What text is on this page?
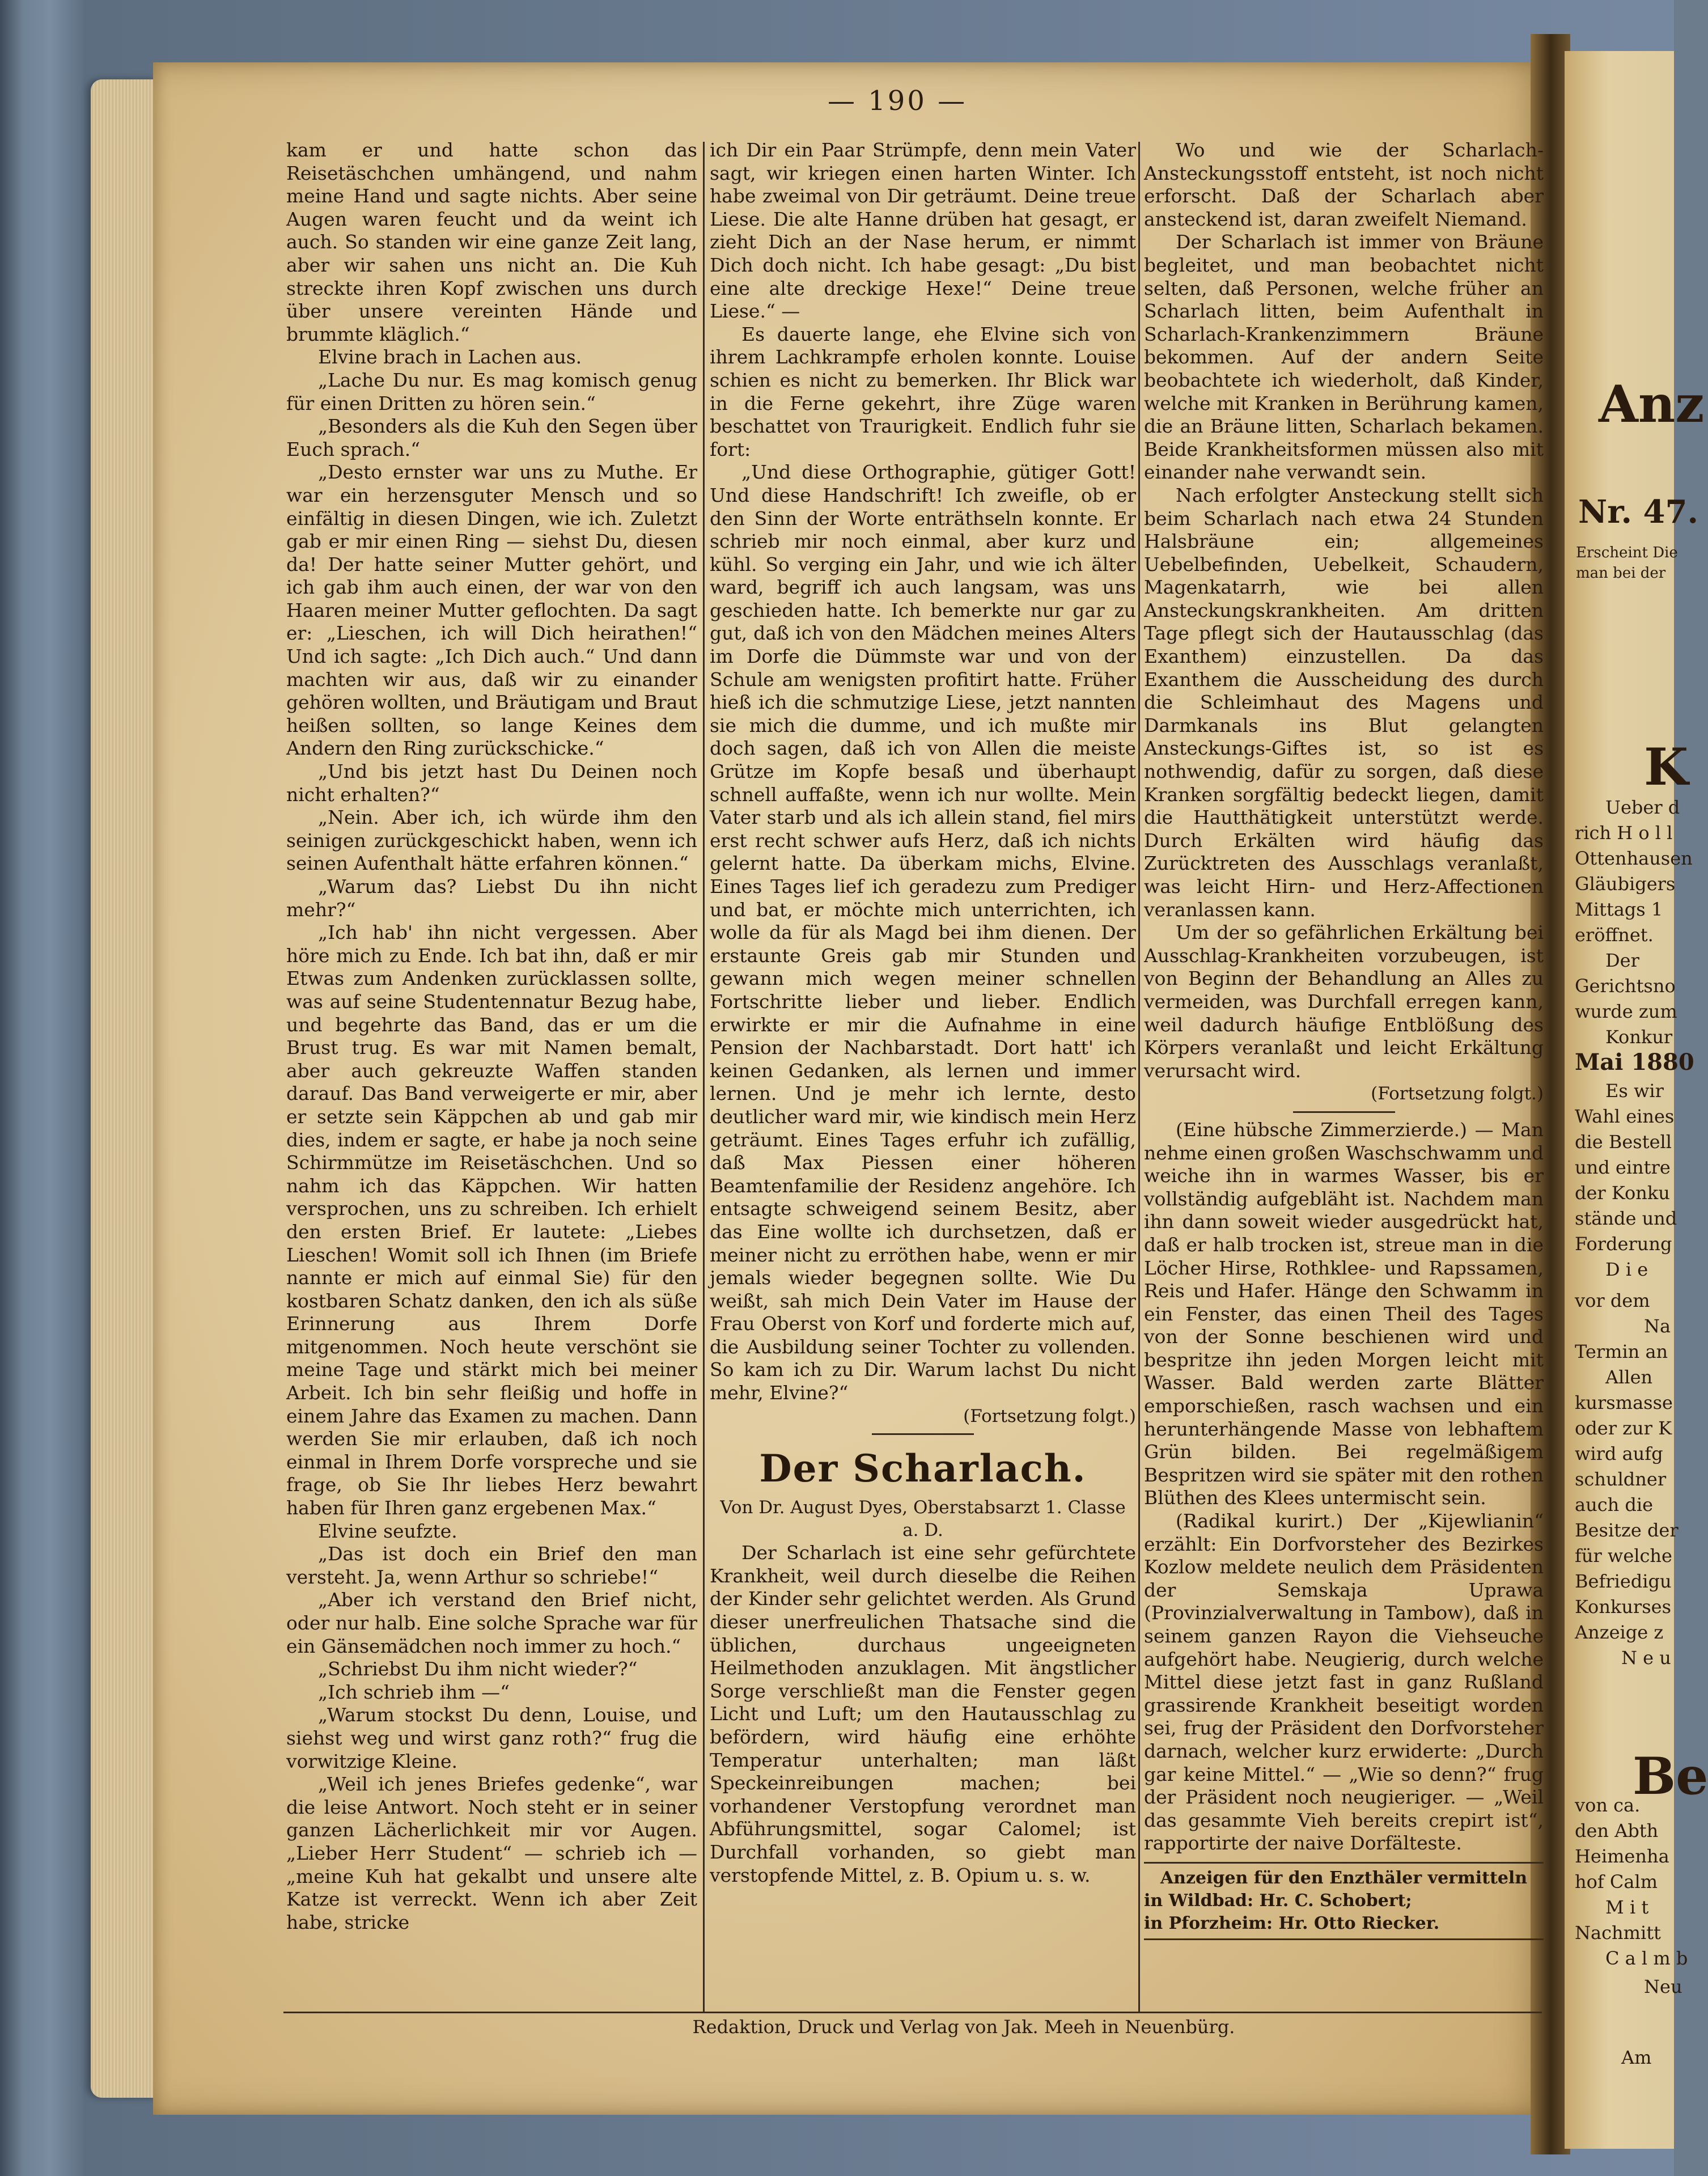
Anz
Nr. 47.
Erscheint Die
man bei der
K
Ueber d
rich H o l l
Ottenhausen
Gläubigers
Mittags 1
eröffnet.
Der
Gerichtsno
wurde zum
Konkur
Mai 1880
Es wir
Wahl eines
die Bestell
und eintre
der Konku
stände und
Forderung
D i e
vor dem
Na
Termin an
Allen
kursmasse
oder zur K
wird aufg
schuldner
auch die
Besitze der
für welche
Befriedigu
Konkurses
Anzeige z
N e u
Be
von ca.
den Abth
Heimenha
hof Calm
M i t
Nachmitt
C a l m b
Neu
Am
— 190 —

kam er und hatte schon das Reisetäschchen umhängend, und nahm meine Hand und sagte nichts. Aber seine Augen waren feucht und da weint ich auch. So standen wir eine ganze Zeit lang, aber wir sahen uns nicht an. Die Kuh streckte ihren Kopf zwischen uns durch über unsere vereinten Hände und brummte kläglich.“

Elvine brach in Lachen aus.

„Lache Du nur. Es mag komisch genug für einen Dritten zu hören sein.“

„Besonders als die Kuh den Segen über Euch sprach.“

„Desto ernster war uns zu Muthe. Er war ein herzensguter Mensch und so einfältig in diesen Dingen, wie ich. Zuletzt gab er mir einen Ring — siehst Du, diesen da! Der hatte seiner Mutter gehört, und ich gab ihm auch einen, der war von den Haaren meiner Mutter geflochten. Da sagt er: „Lieschen, ich will Dich heirathen!“ Und ich sagte: „Ich Dich auch.“ Und dann machten wir aus, daß wir zu einander gehören wollten, und Bräutigam und Braut heißen sollten, so lange Keines dem Andern den Ring zurückschicke.“

„Und bis jetzt hast Du Deinen noch nicht erhalten?“

„Nein. Aber ich, ich würde ihm den seinigen zurückgeschickt haben, wenn ich seinen Aufenthalt hätte erfahren können.“

„Warum das? Liebst Du ihn nicht mehr?“

„Ich hab' ihn nicht vergessen. Aber höre mich zu Ende. Ich bat ihn, daß er mir Etwas zum Andenken zurücklassen sollte, was auf seine Studentennatur Bezug habe, und begehrte das Band, das er um die Brust trug. Es war mit Namen bemalt, aber auch gekreuzte Waffen standen darauf. Das Band verweigerte er mir, aber er setzte sein Käppchen ab und gab mir dies, indem er sagte, er habe ja noch seine Schirmmütze im Reisetäschchen. Und so nahm ich das Käppchen. Wir hatten versprochen, uns zu schreiben. Ich erhielt den ersten Brief. Er lautete: „Liebes Lieschen! Womit soll ich Ihnen (im Briefe nannte er mich auf einmal Sie) für den kostbaren Schatz danken, den ich als süße Erinnerung aus Ihrem Dorfe mitgenommen. Noch heute verschönt sie meine Tage und stärkt mich bei meiner Arbeit. Ich bin sehr fleißig und hoffe in einem Jahre das Examen zu machen. Dann werden Sie mir erlauben, daß ich noch einmal in Ihrem Dorfe vorspreche und sie frage, ob Sie Ihr liebes Herz bewahrt haben für Ihren ganz ergebenen Max.“

Elvine seufzte.

„Das ist doch ein Brief den man versteht. Ja, wenn Arthur so schriebe!“

„Aber ich verstand den Brief nicht, oder nur halb. Eine solche Sprache war für ein Gänsemädchen noch immer zu hoch.“

„Schriebst Du ihm nicht wieder?“

„Ich schrieb ihm —“

„Warum stockst Du denn, Louise, und siehst weg und wirst ganz roth?“ frug die vorwitzige Kleine.

„Weil ich jenes Briefes gedenke“, war die leise Antwort. Noch steht er in seiner ganzen Lächerlichkeit mir vor Augen. „Lieber Herr Student“ — schrieb ich — „meine Kuh hat gekalbt und unsere alte Katze ist verreckt. Wenn ich aber Zeit habe, stricke

ich Dir ein Paar Strümpfe, denn mein Vater sagt, wir kriegen einen harten Winter. Ich habe zweimal von Dir geträumt. Deine treue Liese. Die alte Hanne drüben hat gesagt, er zieht Dich an der Nase herum, er nimmt Dich doch nicht. Ich habe gesagt: „Du bist eine alte dreckige Hexe!“ Deine treue Liese.“ —

Es dauerte lange, ehe Elvine sich von ihrem Lachkrampfe erholen konnte. Louise schien es nicht zu bemerken. Ihr Blick war in die Ferne gekehrt, ihre Züge waren beschattet von Traurigkeit. Endlich fuhr sie fort:

„Und diese Orthographie, gütiger Gott! Und diese Handschrift! Ich zweifle, ob er den Sinn der Worte enträthseln konnte. Er schrieb mir noch einmal, aber kurz und kühl. So verging ein Jahr, und wie ich älter ward, begriff ich auch langsam, was uns geschieden hatte. Ich bemerkte nur gar zu gut, daß ich von den Mädchen meines Alters im Dorfe die Dümmste war und von der Schule am wenigsten profitirt hatte. Früher hieß ich die schmutzige Liese, jetzt nannten sie mich die dumme, und ich mußte mir doch sagen, daß ich von Allen die meiste Grütze im Kopfe besaß und überhaupt schnell auffaßte, wenn ich nur wollte. Mein Vater starb und als ich allein stand, fiel mirs erst recht schwer aufs Herz, daß ich nichts gelernt hatte. Da überkam michs, Elvine. Eines Tages lief ich geradezu zum Prediger und bat, er möchte mich unterrichten, ich wolle da für als Magd bei ihm dienen. Der erstaunte Greis gab mir Stunden und gewann mich wegen meiner schnellen Fortschritte lieber und lieber. Endlich erwirkte er mir die Aufnahme in eine Pension der Nachbarstadt. Dort hatt' ich keinen Gedanken, als lernen und immer lernen. Und je mehr ich lernte, desto deutlicher ward mir, wie kindisch mein Herz geträumt. Eines Tages erfuhr ich zufällig, daß Max Piessen einer höheren Beamtenfamilie der Residenz angehöre. Ich entsagte schweigend seinem Besitz, aber das Eine wollte ich durchsetzen, daß er meiner nicht zu erröthen habe, wenn er mir jemals wieder begegnen sollte. Wie Du weißt, sah mich Dein Vater im Hause der Frau Oberst von Korf und forderte mich auf, die Ausbildung seiner Tochter zu vollenden. So kam ich zu Dir. Warum lachst Du nicht mehr, Elvine?“

(Fortsetzung folgt.)

Der Scharlach.
Von Dr. August Dyes, Oberstabsarzt 1. Classe a. D.

Der Scharlach ist eine sehr gefürchtete Krankheit, weil durch dieselbe die Reihen der Kinder sehr gelichtet werden. Als Grund dieser unerfreulichen Thatsache sind die üblichen, durchaus ungeeigneten Heilmethoden anzuklagen. Mit ängstlicher Sorge verschließt man die Fenster gegen Licht und Luft; um den Hautausschlag zu befördern, wird häufig eine erhöhte Temperatur unterhalten; man läßt Speckeinreibungen machen; bei vorhandener Verstopfung verordnet man Abführungsmittel, sogar Calomel; ist Durchfall vorhanden, so giebt man verstopfende Mittel, z. B. Opium u. s. w.

Wo und wie der Scharlach-Ansteckungsstoff entsteht, ist noch nicht erforscht. Daß der Scharlach aber ansteckend ist, daran zweifelt Niemand.

Der Scharlach ist immer von Bräune begleitet, und man beobachtet nicht selten, daß Personen, welche früher an Scharlach litten, beim Aufenthalt in Scharlach-Krankenzimmern Bräune bekommen. Auf der andern Seite beobachtete ich wiederholt, daß Kinder, welche mit Kranken in Berührung kamen, die an Bräune litten, Scharlach bekamen. Beide Krankheitsformen müssen also mit einander nahe verwandt sein.

Nach erfolgter Ansteckung stellt sich beim Scharlach nach etwa 24 Stunden Halsbräune ein; allgemeines Uebelbefinden, Uebelkeit, Schaudern, Magenkatarrh, wie bei allen Ansteckungskrankheiten. Am dritten Tage pflegt sich der Hautausschlag (das Exanthem) einzustellen. Da das Exanthem die Ausscheidung des durch die Schleimhaut des Magens und Darmkanals ins Blut gelangten Ansteckungs-Giftes ist, so ist es nothwendig, dafür zu sorgen, daß diese Kranken sorgfältig bedeckt liegen, damit die Hautthätigkeit unterstützt werde. Durch Erkälten wird häufig das Zurücktreten des Ausschlags veranlaßt, was leicht Hirn- und Herz-Affectionen veranlassen kann.

Um der so gefährlichen Erkältung bei Ausschlag-Krankheiten vorzubeugen, ist von Beginn der Behandlung an Alles zu vermeiden, was Durchfall erregen kann, weil dadurch häufige Entblößung des Körpers veranlaßt und leicht Erkältung verursacht wird.

(Fortsetzung folgt.)

(Eine hübsche Zimmerzierde.) — Man nehme einen großen Waschschwamm und weiche ihn in warmes Wasser, bis er vollständig aufgebläht ist. Nachdem man ihn dann soweit wieder ausgedrückt hat, daß er halb trocken ist, streue man in die Löcher Hirse, Rothklee- und Rapssamen, Reis und Hafer. Hänge den Schwamm in ein Fenster, das einen Theil des Tages von der Sonne beschienen wird und bespritze ihn jeden Morgen leicht mit Wasser. Bald werden zarte Blätter emporschießen, rasch wachsen und ein herunterhängende Masse von lebhaftem Grün bilden. Bei regelmäßigem Bespritzen wird sie später mit den rothen Blüthen des Klees untermischt sein.

(Radikal kurirt.) Der „Kijewlianin“ erzählt: Ein Dorfvorsteher des Bezirkes Kozlow meldete neulich dem Präsidenten der Semskaja Uprawa (Provinzialverwaltung in Tambow), daß in seinem ganzen Rayon die Viehseuche aufgehört habe. Neugierig, durch welche Mittel diese jetzt fast in ganz Rußland grassirende Krankheit beseitigt worden sei, frug der Präsident den Dorfvorsteher darnach, welcher kurz erwiderte: „Durch gar keine Mittel.“ — „Wie so denn?“ frug der Präsident noch neugieriger. — „Weil das gesammte Vieh bereits crepirt ist“, rapportirte der naive Dorfälteste.

Anzeigen für den Enzthäler vermitteln
in Wildbad: Hr. C. Schobert;
in Pforzheim: Hr. Otto Riecker.
Redaktion, Druck und Verlag von Jak. Meeh in Neuenbürg.
